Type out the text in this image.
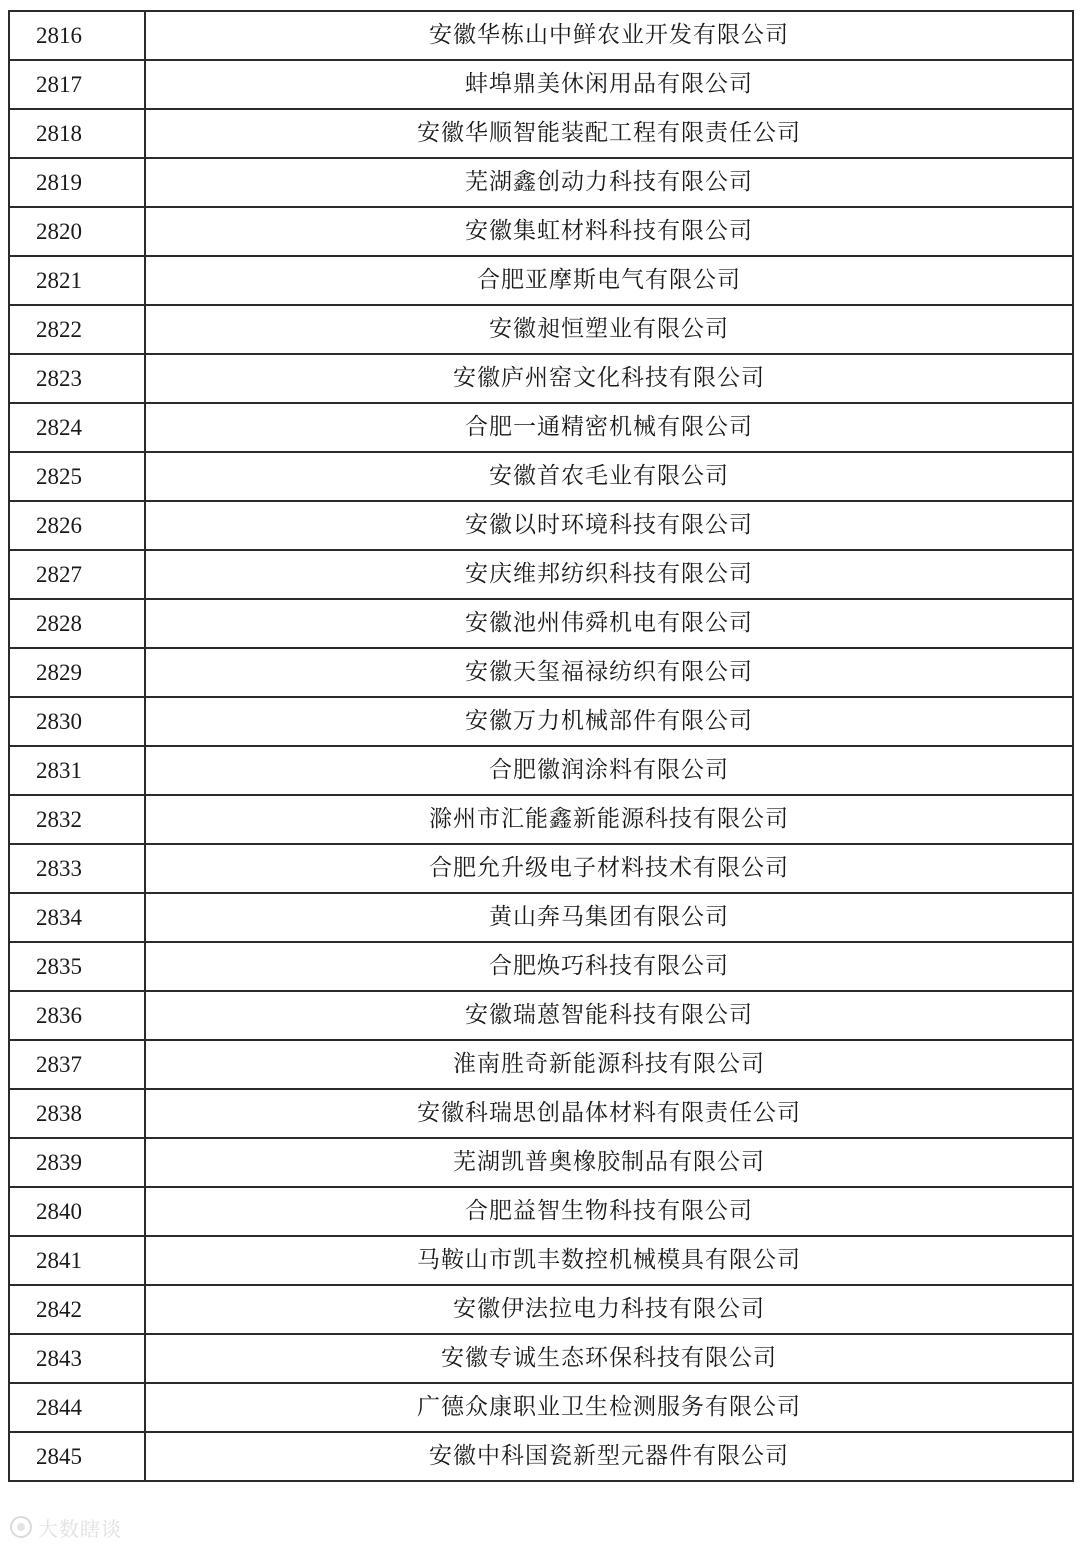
2816	安徽华栋山中鲜农业开发有限公司
2817	蚌埠鼎美休闲用品有限公司
2818	安徽华顺智能装配工程有限责任公司
2819	芜湖鑫创动力科技有限公司
2820	安徽集虹材料科技有限公司
2821	合肥亚摩斯电气有限公司
2822	安徽昶恒塑业有限公司
2823	安徽庐州窑文化科技有限公司
2824	合肥一通精密机械有限公司
2825	安徽首农毛业有限公司
2826	安徽以时环境科技有限公司
2827	安庆维邦纺织科技有限公司
2828	安徽池州伟舜机电有限公司
2829	安徽天玺福禄纺织有限公司
2830	安徽万力机械部件有限公司
2831	合肥徽润涂料有限公司
2832	滁州市汇能鑫新能源科技有限公司
2833	合肥允升级电子材料技术有限公司
2834	黄山奔马集团有限公司
2835	合肥焕巧科技有限公司
2836	安徽瑞蒽智能科技有限公司
2837	淮南胜奇新能源科技有限公司
2838	安徽科瑞思创晶体材料有限责任公司
2839	芜湖凯普奥橡胶制品有限公司
2840	合肥益智生物科技有限公司
2841	马鞍山市凯丰数控机械模具有限公司
2842	安徽伊法拉电力科技有限公司
2843	安徽专诚生态环保科技有限公司
2844	广德众康职业卫生检测服务有限公司
2845	安徽中科国瓷新型元器件有限公司
大数瞎谈
